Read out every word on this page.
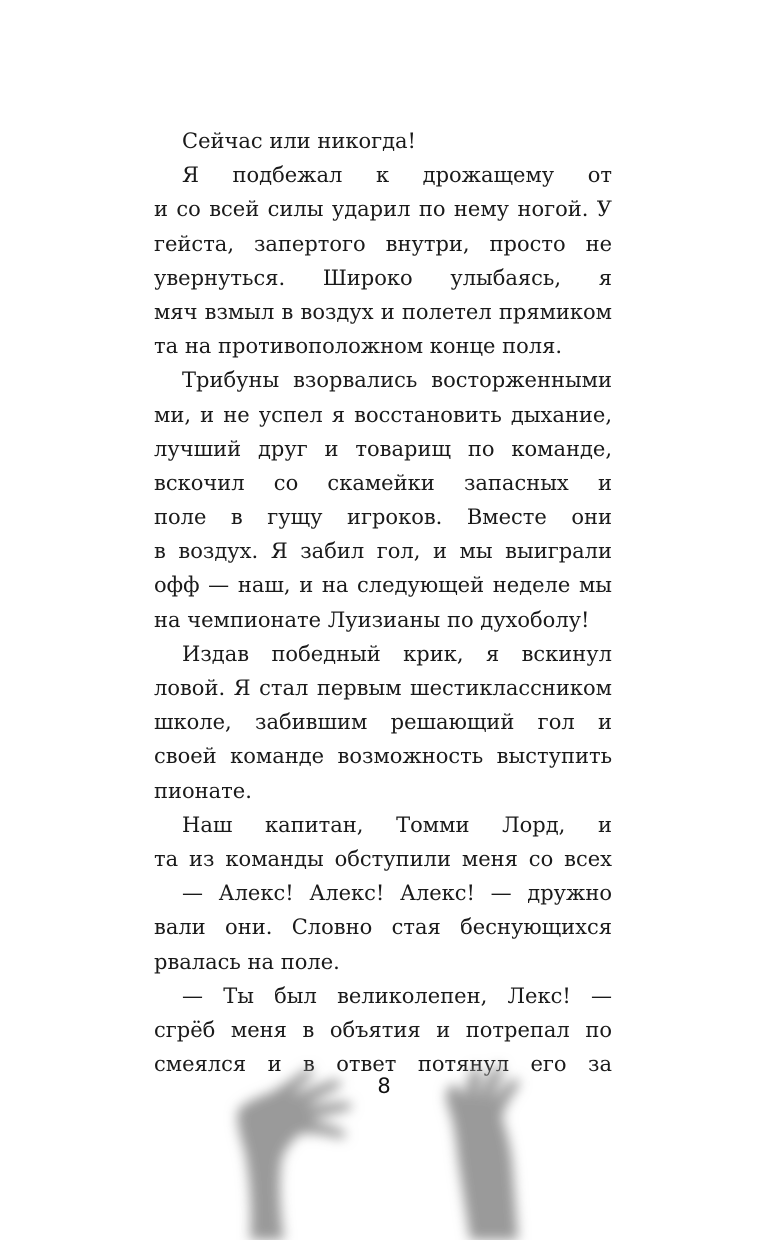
Сейчас или никогда!
Я подбежал к дрожащему от
и со всей силы ударил по нему ногой. У
гейста, запертого внутри, просто не
увернуться. Широко улыбаясь, я
мяч взмыл в воздух и полетел прямиком
та на противоположном конце поля.
Трибуны взорвались восторженными
ми, и не успел я восстановить дыхание,
лучший друг и товарищ по команде,
вскочил со скамейки запасных и
поле в гущу игроков. Вместе они
в воздух. Я забил гол, и мы выиграли
офф — наш, и на следующей неделе мы
на чемпионате Луизианы по духоболу!
Издав победный крик, я вскинул
ловой. Я стал первым шестиклассником
школе, забившим решающий гол и
своей команде возможность выступить
пионате.
Наш капитан, Томми Лорд, и
та из команды обступили меня со всех
— Алекс! Алекс! Алекс! — дружно
вали они. Словно стая беснующихся
рвалась на поле.
— Ты был великолепен, Лекс! —
сгрёб меня в объятия и потрепал по
смеялся и в ответ потянул его за
8
